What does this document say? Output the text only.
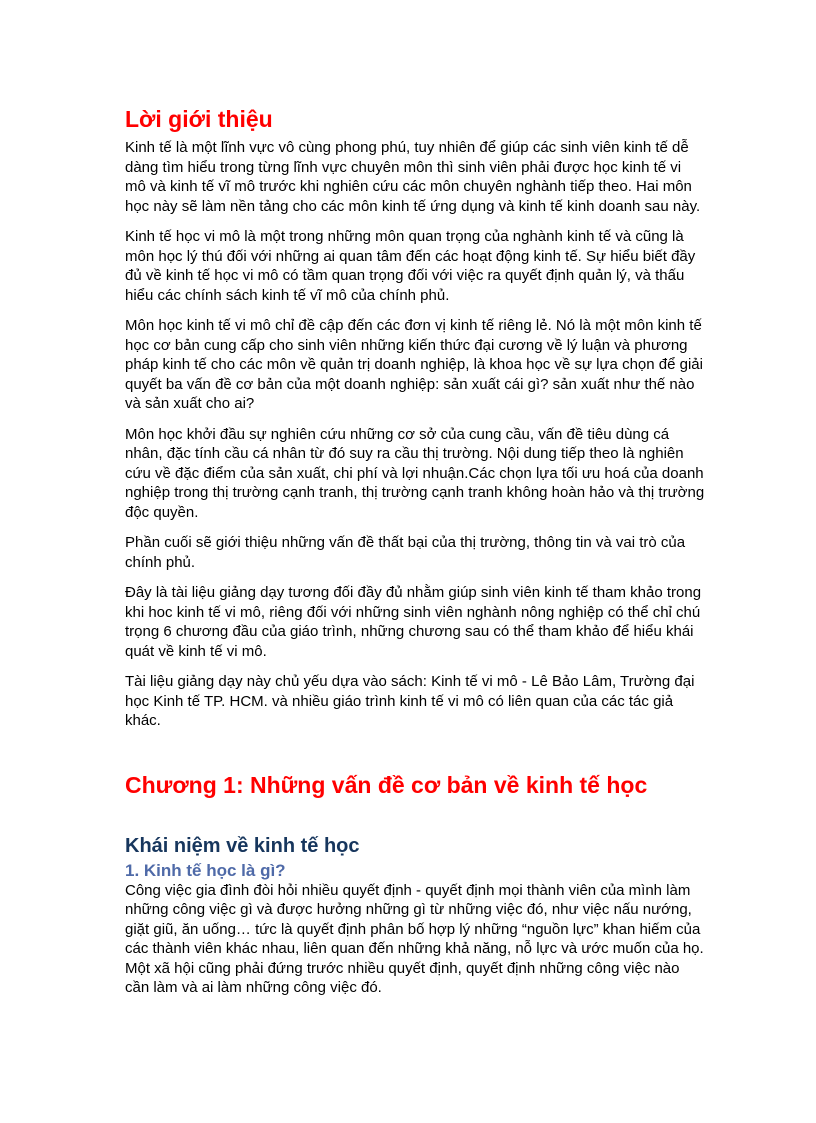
Lời giới thiệu

Kinh tế là một lĩnh vực vô cùng phong phú, tuy nhiên để giúp các sinh viên kinh tế dễ dàng tìm hiểu trong từng lĩnh vực chuyên môn thì sinh viên phải được học kinh tế vi mô và kinh tế vĩ mô trước khi nghiên cứu các môn chuyên nghành tiếp theo. Hai môn học này sẽ làm nền tảng cho các môn kinh tế ứng dụng và kinh tế kinh doanh sau này.

Kinh tế học vi mô là một trong những môn quan trọng của nghành kinh tế và cũng là môn học lý thú đối với những ai quan tâm đến các hoạt động kinh tế. Sự hiểu biết đầy đủ về kinh tế học vi mô có tầm quan trọng đối với việc ra quyết định quản lý, và thấu hiểu các chính sách kinh tế vĩ mô của chính phủ.

Môn học kinh tế vi mô chỉ đề cập đến các đơn vị kinh tế riêng lẻ. Nó là một môn kinh tế học cơ bản cung cấp cho sinh viên những kiến thức đại cương về lý luận và phương pháp kinh tế cho các môn về quản trị doanh nghiệp, là khoa học về sự lựa chọn để giải quyết ba vấn đề cơ bản của một doanh nghiệp: sản xuất cái gì? sản xuất như thế nào và sản xuất cho ai?

Môn học khởi đầu sự nghiên cứu những cơ sở của cung cầu, vấn đề tiêu dùng cá nhân, đặc tính cầu cá nhân từ đó suy ra cầu thị trường. Nội dung tiếp theo là nghiên cứu về đặc điểm của sản xuất, chi phí và lợi nhuận.Các chọn lựa tối ưu hoá của doanh nghiệp trong thị trường cạnh tranh, thị trường cạnh tranh không hoàn hảo và thị trường độc quyền.

Phần cuối sẽ giới thiệu những vấn đề thất bại của thị trường, thông tin và vai trò của chính phủ.

Đây là tài liệu giảng dạy tương đối đầy đủ nhằm giúp sinh viên kinh tế tham khảo trong khi hoc kinh tế vi mô, riêng đối với những sinh viên nghành nông nghiệp có thể chỉ chú trọng 6 chương đầu của giáo trình, những chương sau có thể tham khảo để hiểu khái quát về kinh tế vi mô.

Tài liệu giảng dạy này chủ yếu dựa vào sách: Kinh tế vi mô - Lê Bảo Lâm, Trường đại học Kinh tế TP. HCM. và nhiều giáo trình kinh tế vi mô có liên quan của các tác giả khác.

Chương 1: Những vấn đề cơ bản về kinh tế học
Khái niệm về kinh tế học
1. Kinh tế học là gì?

Công việc gia đình đòi hỏi nhiều quyết định - quyết định mọi thành viên của mình làm những công việc gì và được hưởng những gì từ những việc đó, như việc nấu nướng, giặt giũ, ăn uống… tức là quyết định phân bố hợp lý những “nguồn lực” khan hiếm của các thành viên khác nhau, liên quan đến những khả năng, nỗ lực và ước muốn của họ. Một xã hội cũng phải đứng trước nhiều quyết định, quyết định những công việc nào cần làm và ai làm những công việc đó.
